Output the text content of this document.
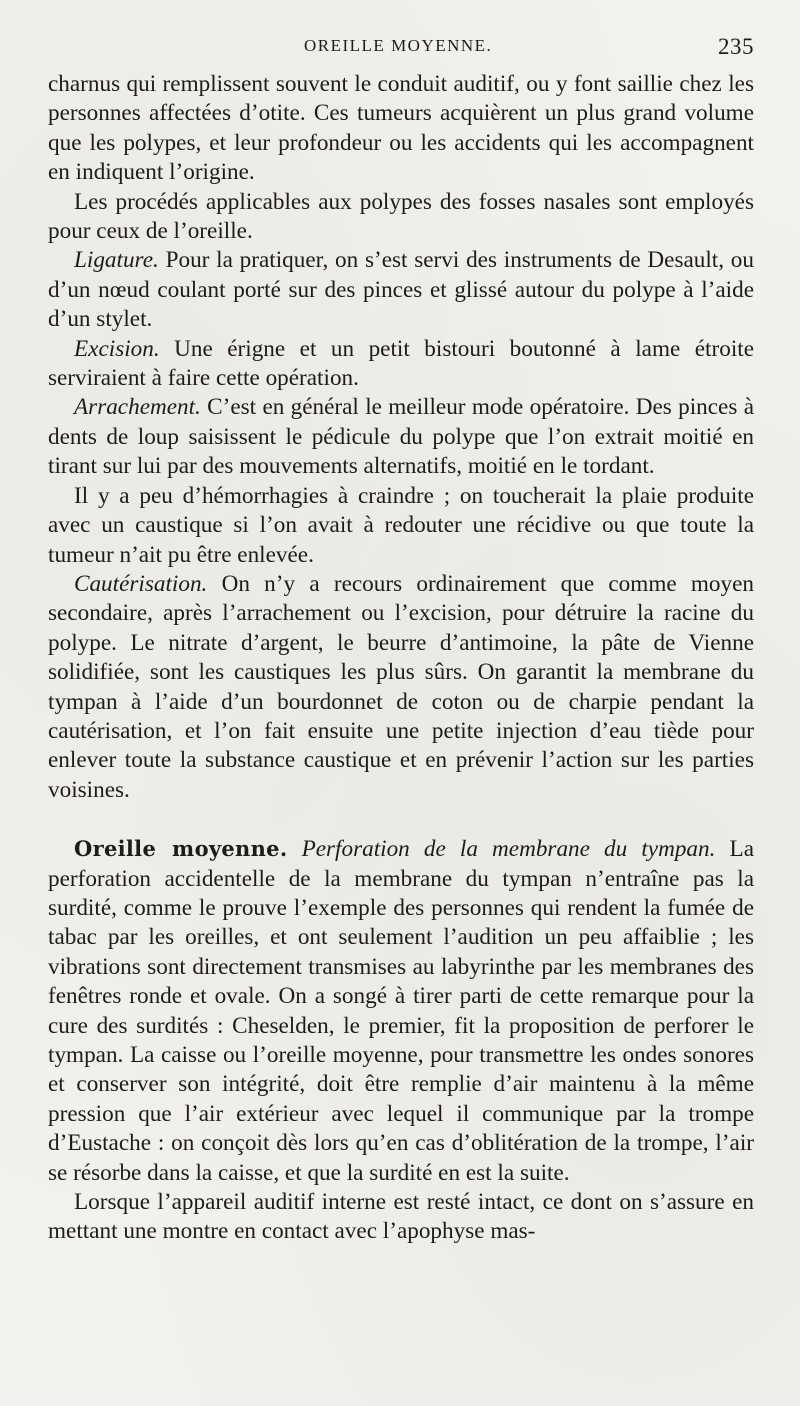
OREILLE MOYENNE.	235

charnus qui remplissent souvent le conduit auditif, ou y font saillie chez les personnes affectées d’otite. Ces tumeurs acquièrent un plus grand volume que les polypes, et leur profondeur ou les accidents qui les accompagnent en indiquent l’origine.

Les procédés applicables aux polypes des fosses nasales sont employés pour ceux de l’oreille.

Ligature. Pour la pratiquer, on s’est servi des instruments de Desault, ou d’un nœud coulant porté sur des pinces et glissé autour du polype à l’aide d’un stylet.

Excision. Une érigne et un petit bistouri boutonné à lame étroite serviraient à faire cette opération.

Arrachement. C’est en général le meilleur mode opératoire. Des pinces à dents de loup saisissent le pédicule du polype que l’on extrait moitié en tirant sur lui par des mouvements alternatifs, moitié en le tordant.

Il y a peu d’hémorrhagies à craindre ; on toucherait la plaie produite avec un caustique si l’on avait à redouter une récidive ou que toute la tumeur n’ait pu être enlevée.

Cautérisation. On n’y a recours ordinairement que comme moyen secondaire, après l’arrachement ou l’excision, pour détruire la racine du polype. Le nitrate d’argent, le beurre d’antimoine, la pâte de Vienne solidifiée, sont les caustiques les plus sûrs. On garantit la membrane du tympan à l’aide d’un bourdonnet de coton ou de charpie pendant la cautérisation, et l’on fait ensuite une petite injection d’eau tiède pour enlever toute la substance caustique et en prévenir l’action sur les parties voisines.

Oreille moyenne. Perforation de la membrane du tympan. La perforation accidentelle de la membrane du tympan n’entraîne pas la surdité, comme le prouve l’exemple des personnes qui rendent la fumée de tabac par les oreilles, et ont seulement l’audition un peu affaiblie ; les vibrations sont directement transmises au labyrinthe par les membranes des fenêtres ronde et ovale. On a songé à tirer parti de cette remarque pour la cure des surdités : Cheselden, le premier, fit la proposition de perforer le tympan. La caisse ou l’oreille moyenne, pour transmettre les ondes sonores et conserver son intégrité, doit être remplie d’air maintenu à la même pression que l’air extérieur avec lequel il communique par la trompe d’Eustache : on conçoit dès lors qu’en cas d’oblitération de la trompe, l’air se résorbe dans la caisse, et que la surdité en est la suite.

Lorsque l’appareil auditif interne est resté intact, ce dont on s’assure en mettant une montre en contact avec l’apophyse mas-
